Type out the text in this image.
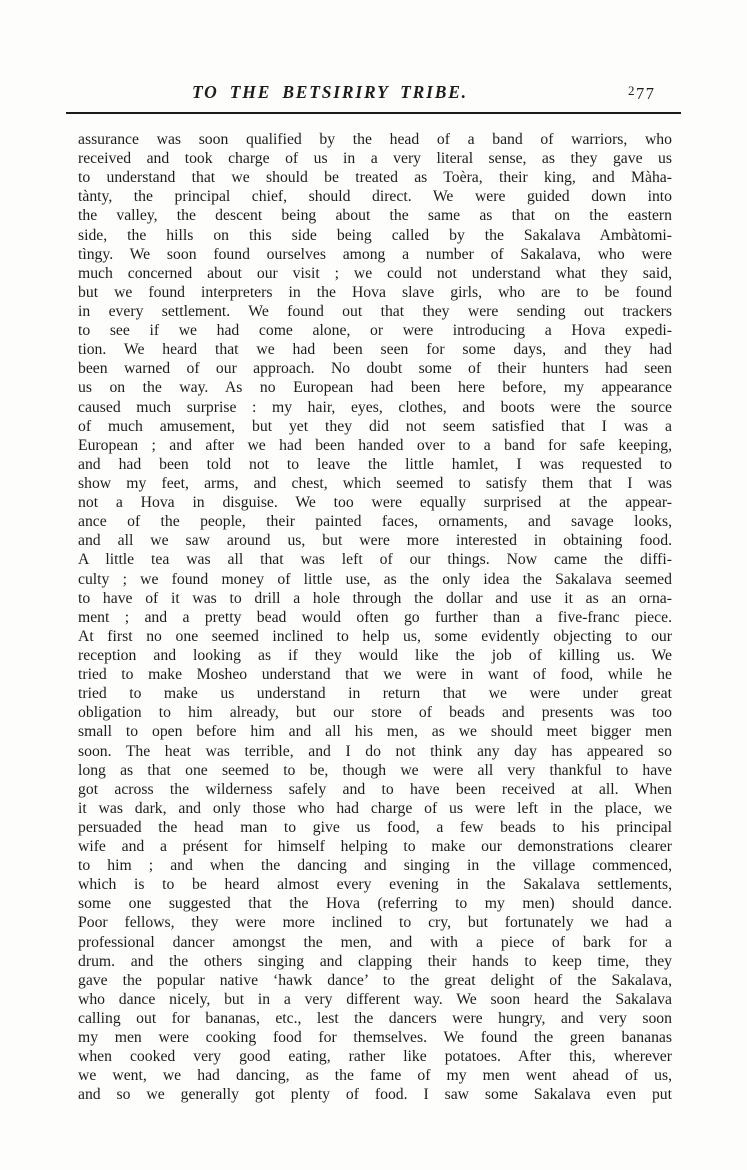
TO THE BETSIRIRY TRIBE.	$^2$77
assurance was soon qualified by the head of a band of warriors, who
received and took charge of us in a very literal sense, as they gave us
to understand that we should be treated as Toèra, their king, and Màha-
tànty, the principal chief, should direct. We were guided down into
the valley, the descent being about the same as that on the eastern
side, the hills on this side being called by the Sakalava Ambàtomi-
tìngy. We soon found ourselves among a number of Sakalava, who were
much concerned about our visit ; we could not understand what they said,
but we found interpreters in the Hova slave girls, who are to be found
in every settlement. We found out that they were sending out trackers
to see if we had come alone, or were introducing a Hova expedi-
tion. We heard that we had been seen for some days, and they had
been warned of our approach. No doubt some of their hunters had seen
us on the way. As no European had been here before, my appearance
caused much surprise : my hair, eyes, clothes, and boots were the source
of much amusement, but yet they did not seem satisfied that I was a
European ; and after we had been handed over to a band for safe keeping,
and had been told not to leave the little hamlet, I was requested to
show my feet, arms, and chest, which seemed to satisfy them that I was
not a Hova in disguise. We too were equally surprised at the appear-
ance of the people, their painted faces, ornaments, and savage looks,
and all we saw around us, but were more interested in obtaining food.
A little tea was all that was left of our things. Now came the diffi-
culty ; we found money of little use, as the only idea the Sakalava seemed
to have of it was to drill a hole through the dollar and use it as an orna-
ment ; and a pretty bead would often go further than a five-franc piece.
At first no one seemed inclined to help us, some evidently objecting to our
reception and looking as if they would like the job of killing us. We
tried to make Mosheo understand that we were in want of food, while he
tried to make us understand in return that we were under great
obligation to him already, but our store of beads and presents was too
small to open before him and all his men, as we should meet bigger men
soon. The heat was terrible, and I do not think any day has appeared so
long as that one seemed to be, though we were all very thankful to have
got across the wilderness safely and to have been received at all. When
it was dark, and only those who had charge of us were left in the place, we
persuaded the head man to give us food, a few beads to his principal
wife and a présent for himself helping to make our demonstrations clearer
to him ; and when the dancing and singing in the village commenced,
which is to be heard almost every evening in the Sakalava settlements,
some one suggested that the Hova (referring to my men) should dance.
Poor fellows, they were more inclined to cry, but fortunately we had a
professional dancer amongst the men, and with a piece of bark for a
drum. and the others singing and clapping their hands to keep time, they
gave the popular native ‘hawk dance’ to the great delight of the Sakalava,
who dance nicely, but in a very different way. We soon heard the Sakalava
calling out for bananas, etc., lest the dancers were hungry, and very soon
my men were cooking food for themselves. We found the green bananas
when cooked very good eating, rather like potatoes. After this, wherever
we went, we had dancing, as the fame of my men went ahead of us,
and so we generally got plenty of food. I saw some Sakalava even put
